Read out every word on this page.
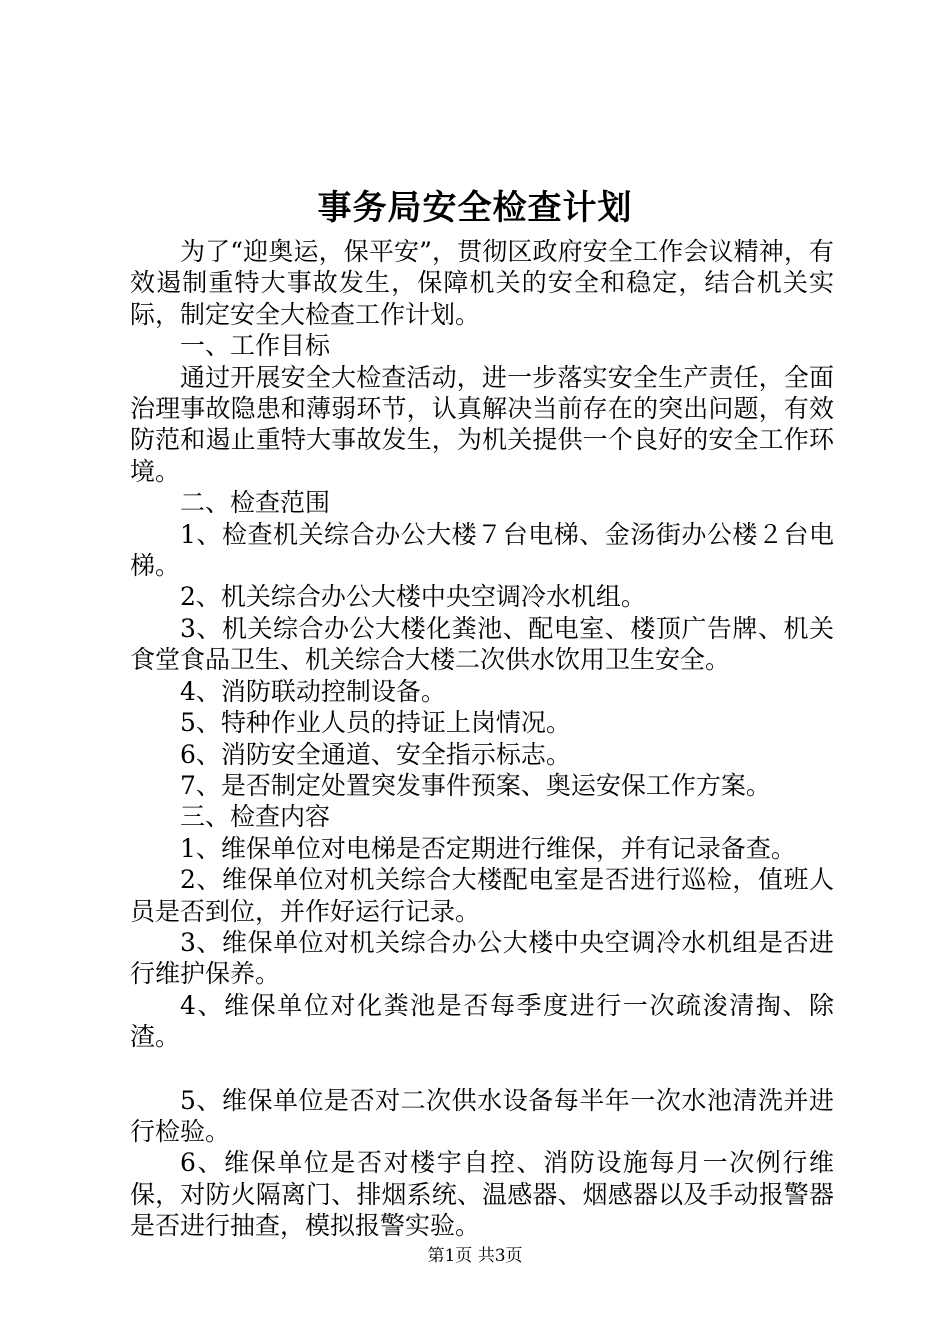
事务局安全检查计划

为了“迎奥运，保平安”，贯彻区政府安全工作会议精神，有效遏制重特大事故发生，保障机关的安全和稳定，结合机关实际，制定安全大检查工作计划。

一、工作目标

通过开展安全大检查活动，进一步落实安全生产责任，全面治理事故隐患和薄弱环节，认真解决当前存在的突出问题，有效防范和遏止重特大事故发生，为机关提供一个良好的安全工作环境。

二、检查范围

1、检查机关综合办公大楼７台电梯、金汤街办公楼２台电梯。

2、机关综合办公大楼中央空调冷水机组。

3、机关综合办公大楼化粪池、配电室、楼顶广告牌、机关食堂食品卫生、机关综合大楼二次供水饮用卫生安全。

4、消防联动控制设备。

5、特种作业人员的持证上岗情况。

6、消防安全通道、安全指示标志。

7、是否制定处置突发事件预案、奥运安保工作方案。

三、检查内容

1、维保单位对电梯是否定期进行维保，并有记录备查。

2、维保单位对机关综合大楼配电室是否进行巡检，值班人员是否到位，并作好运行记录。

3、维保单位对机关综合办公大楼中央空调冷水机组是否进行维护保养。

4、维保单位对化粪池是否每季度进行一次疏浚清掏、除渣。

5、维保单位是否对二次供水设备每半年一次水池清洗并进行检验。

6、维保单位是否对楼宇自控、消防设施每月一次例行维保，对防火隔离门、排烟系统、温感器、烟感器以及手动报警器是否进行抽查，模拟报警实验。

第1页 共3页
